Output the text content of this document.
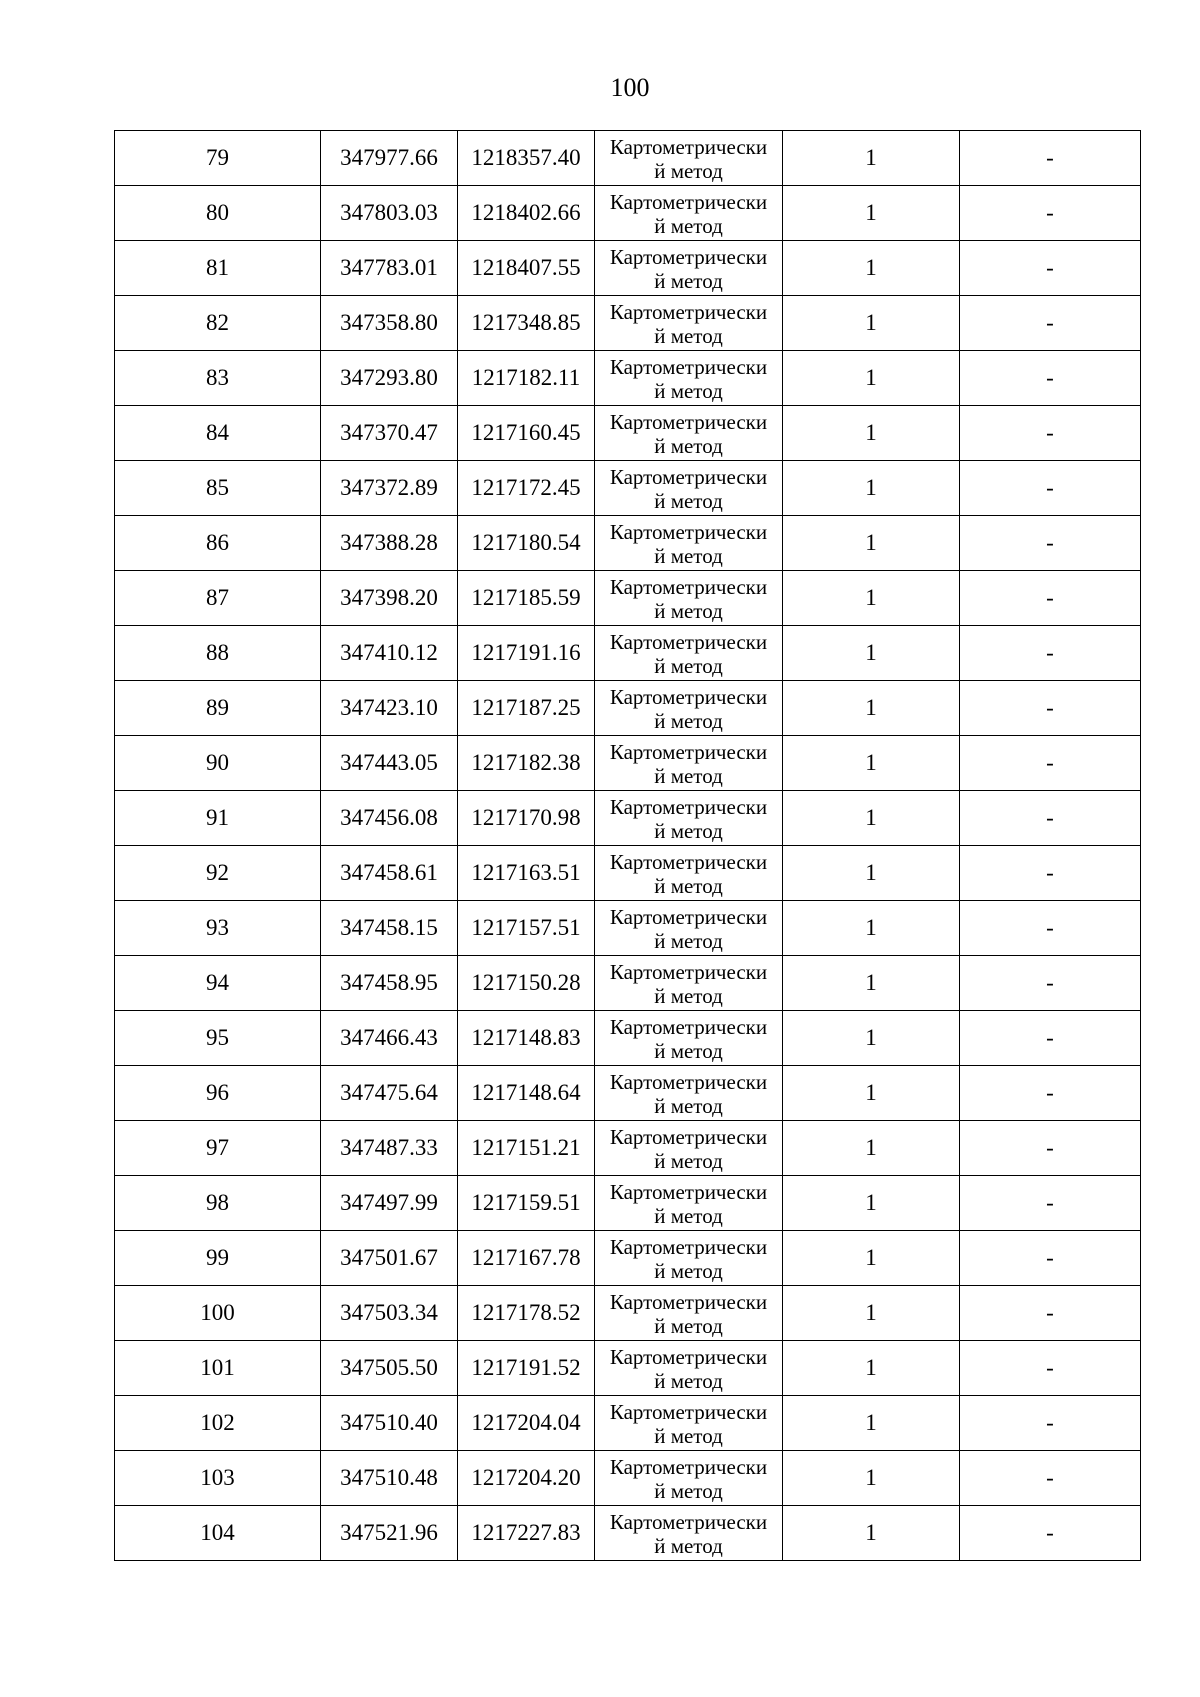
100
79	347977.66	1218357.40	Картометрически
й метод	1	-
80	347803.03	1218402.66	Картометрически
й метод	1	-
81	347783.01	1218407.55	Картометрически
й метод	1	-
82	347358.80	1217348.85	Картометрически
й метод	1	-
83	347293.80	1217182.11	Картометрически
й метод	1	-
84	347370.47	1217160.45	Картометрически
й метод	1	-
85	347372.89	1217172.45	Картометрически
й метод	1	-
86	347388.28	1217180.54	Картометрически
й метод	1	-
87	347398.20	1217185.59	Картометрически
й метод	1	-
88	347410.12	1217191.16	Картометрически
й метод	1	-
89	347423.10	1217187.25	Картометрически
й метод	1	-
90	347443.05	1217182.38	Картометрически
й метод	1	-
91	347456.08	1217170.98	Картометрически
й метод	1	-
92	347458.61	1217163.51	Картометрически
й метод	1	-
93	347458.15	1217157.51	Картометрически
й метод	1	-
94	347458.95	1217150.28	Картометрически
й метод	1	-
95	347466.43	1217148.83	Картометрически
й метод	1	-
96	347475.64	1217148.64	Картометрически
й метод	1	-
97	347487.33	1217151.21	Картометрически
й метод	1	-
98	347497.99	1217159.51	Картометрически
й метод	1	-
99	347501.67	1217167.78	Картометрически
й метод	1	-
100	347503.34	1217178.52	Картометрически
й метод	1	-
101	347505.50	1217191.52	Картометрически
й метод	1	-
102	347510.40	1217204.04	Картометрически
й метод	1	-
103	347510.48	1217204.20	Картометрически
й метод	1	-
104	347521.96	1217227.83	Картометрически
й метод	1	-
